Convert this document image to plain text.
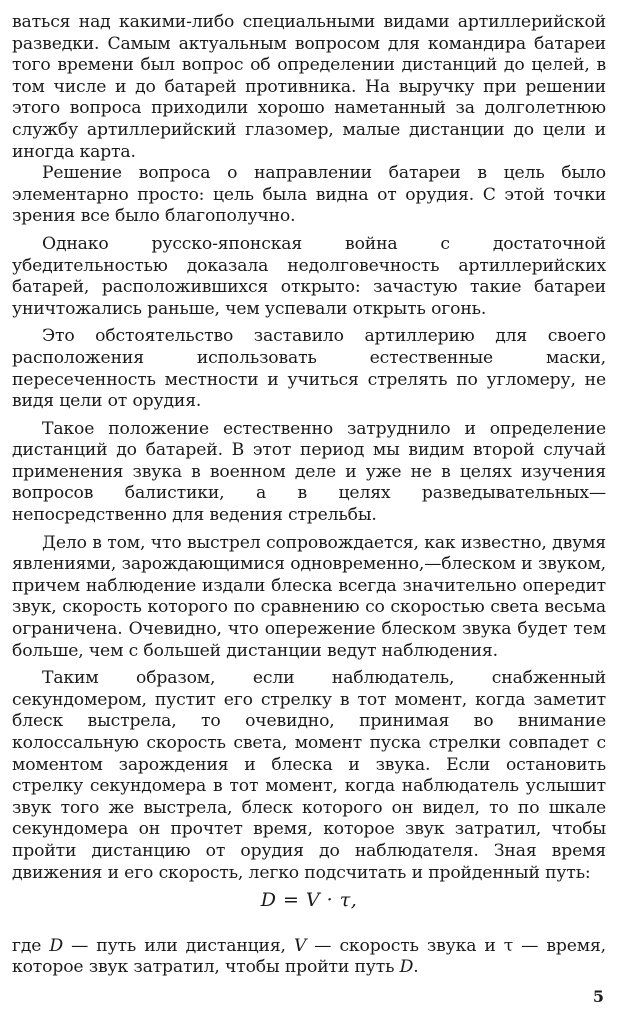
ваться над какими-либо специальными видами артиллерийской разведки. Самым актуальным вопросом для командира батареи того времени был вопрос об определении дистанций до целей, в том числе и до батарей противника. На выручку при решении этого вопроса приходили хорошо наметанный за долголетнюю службу артиллерийский глазомер, малые дистанции до цели и иногда карта.

Решение вопроса о направлении батареи в цель было элементарно просто: цель была видна от орудия. С этой точки зрения все было благополучно.

Однако русско-японская война с достаточной убедительностью доказала недолговечность артиллерийских батарей, расположившихся открыто: зачастую такие батареи уничтожались раньше, чем успевали открыть огонь.

Это обстоятельство заставило артиллерию для своего расположения использовать естественные маски, пересеченность местности и учиться стрелять по угломеру, не видя цели от орудия.

Такое положение естественно затруднило и определение дистанций до батарей. В этот период мы видим второй случай применения звука в военном деле и уже не в целях изучения вопросов балистики, а в целях разведывательных— непосредственно для ведения стрельбы.

Дело в том, что выстрел сопровождается, как известно, двумя явлениями, зарождающимися одновременно,—блеском и звуком, причем наблюдение издали блеска всегда значительно опередит звук, скорость которого по сравнению со скоростью света весьма ограничена. Очевидно, что опережение блеском звука будет тем больше, чем с большей дистанции ведут наблюдения.

Таким образом, если наблюдатель, снабженный секундомером, пустит его стрелку в тот момент, когда заметит блеск выстрела, то очевидно, принимая во внимание колоссальную скорость света, момент пуска стрелки совпадет с моментом зарождения и блеска и звука. Если остановить стрелку секундомера в тот момент, когда наблюдатель услышит звук того же выстрела, блеск которого он видел, то по шкале секундомера он прочтет время, которое звук затратил, чтобы пройти дистанцию от орудия до наблюдателя. Зная время движения и его скорость, легко подсчитать и пройденный путь:

D = V · τ,

где D — путь или дистанция, V — скорость звука и τ — время, которое звук затратил, чтобы пройти путь D.

5
